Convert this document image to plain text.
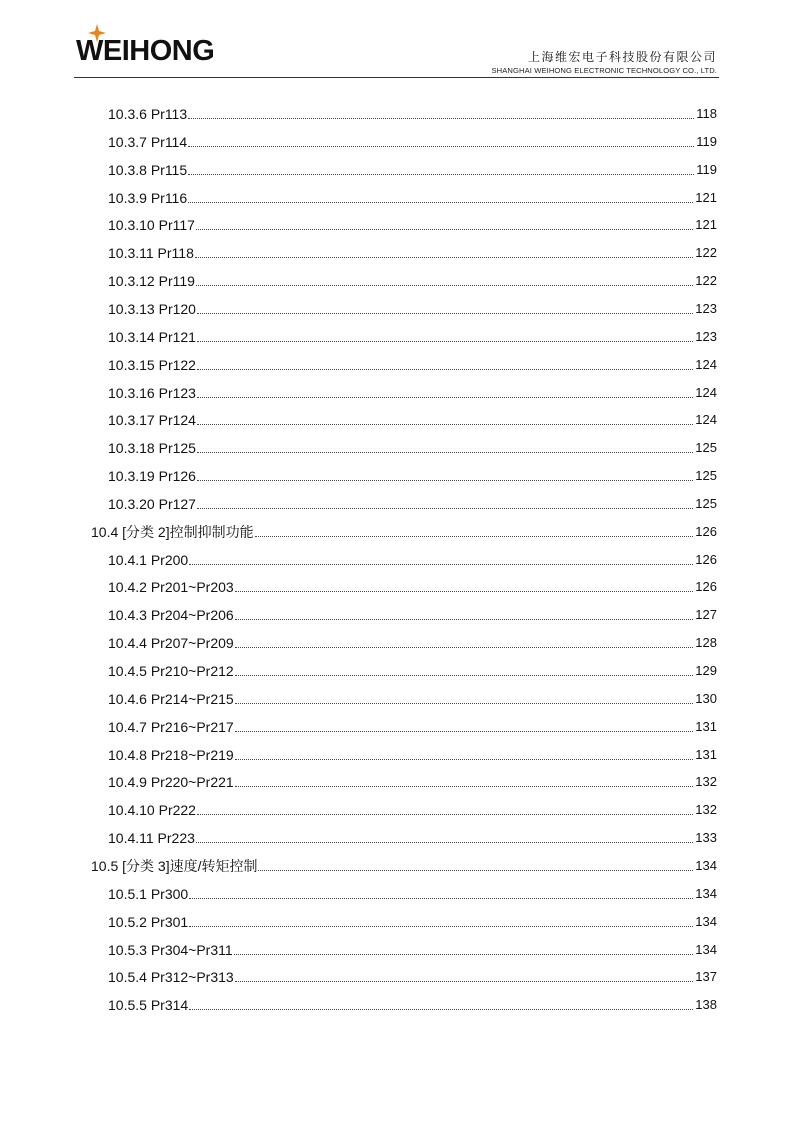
WEIHONG	上海维宏电子科技股份有限公司
SHANGHAI WEIHONG ELECTRONIC TECHNOLOGY CO., LTD.
10.3.6 Pr113	118
10.3.7 Pr114	119
10.3.8 Pr115	119
10.3.9 Pr116	121
10.3.10 Pr117	121
10.3.11 Pr118	122
10.3.12 Pr119	122
10.3.13 Pr120	123
10.3.14 Pr121	123
10.3.15 Pr122	124
10.3.16 Pr123	124
10.3.17 Pr124	124
10.3.18 Pr125	125
10.3.19 Pr126	125
10.3.20 Pr127	125
10.4 [分类 2]控制抑制功能	126
10.4.1 Pr200	126
10.4.2 Pr201~Pr203	126
10.4.3 Pr204~Pr206	127
10.4.4 Pr207~Pr209	128
10.4.5 Pr210~Pr212	129
10.4.6 Pr214~Pr215	130
10.4.7 Pr216~Pr217	131
10.4.8 Pr218~Pr219	131
10.4.9 Pr220~Pr221	132
10.4.10 Pr222	132
10.4.11 Pr223	133
10.5 [分类 3]速度/转矩控制	134
10.5.1 Pr300	134
10.5.2 Pr301	134
10.5.3 Pr304~Pr311	134
10.5.4 Pr312~Pr313	137
10.5.5 Pr314	138
